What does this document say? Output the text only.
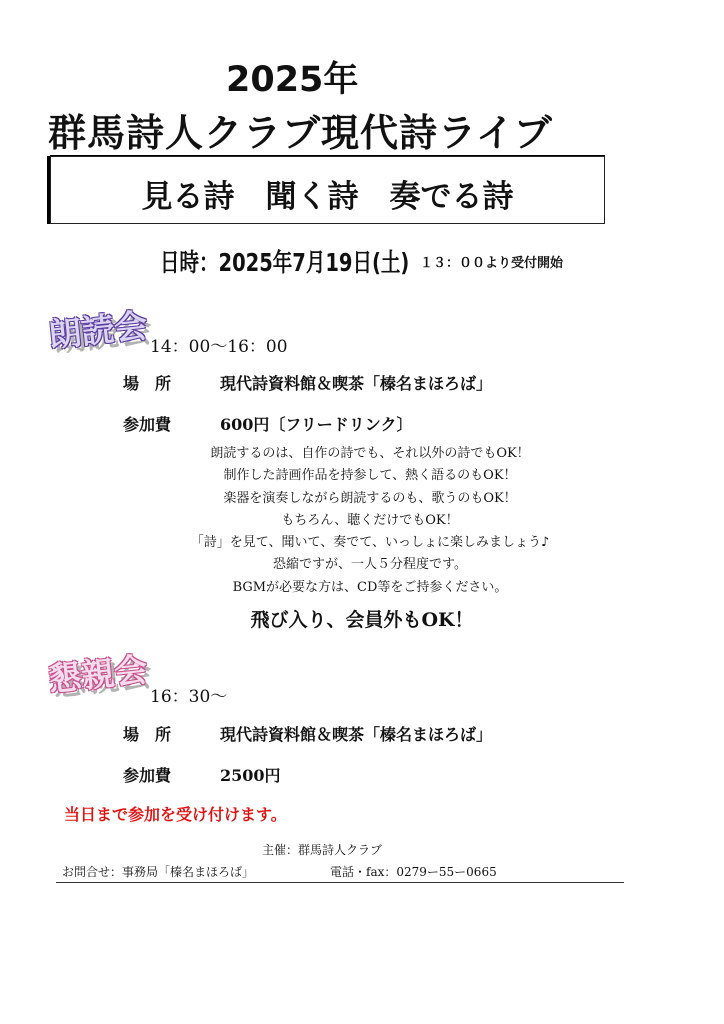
2025年
群馬詩人クラブ現代詩ライブ
見る詩　聞く詩　奏でる詩
日時：2025年7月19日(土) １３：００より受付開始
朗読会 14：00～16：00
場　所	現代詩資料館＆喫茶「榛名まほろば」
参加費	600円〔フリードリンク〕
朗読するのは、自作の詩でも、それ以外の詩でもOK！
制作した詩画作品を持参して、熱く語るのもOK！
楽器を演奏しながら朗読するのも、歌うのもOK！
もちろん、聴くだけでもOK！
「詩」を見て、聞いて、奏でて、いっしょに楽しみましょう♪
恐縮ですが、一人５分程度です。
BGMが必要な方は、CD等をご持参ください。
飛び入り、会員外もOK！
懇親会 16：30～
場　所	現代詩資料館＆喫茶「榛名まほろば」
参加費	2500円
当日まで参加を受け付けます。
主催：群馬詩人クラブ
お問合せ：事務局「榛名まほろば」	電話・fax：0279ー55ー0665
